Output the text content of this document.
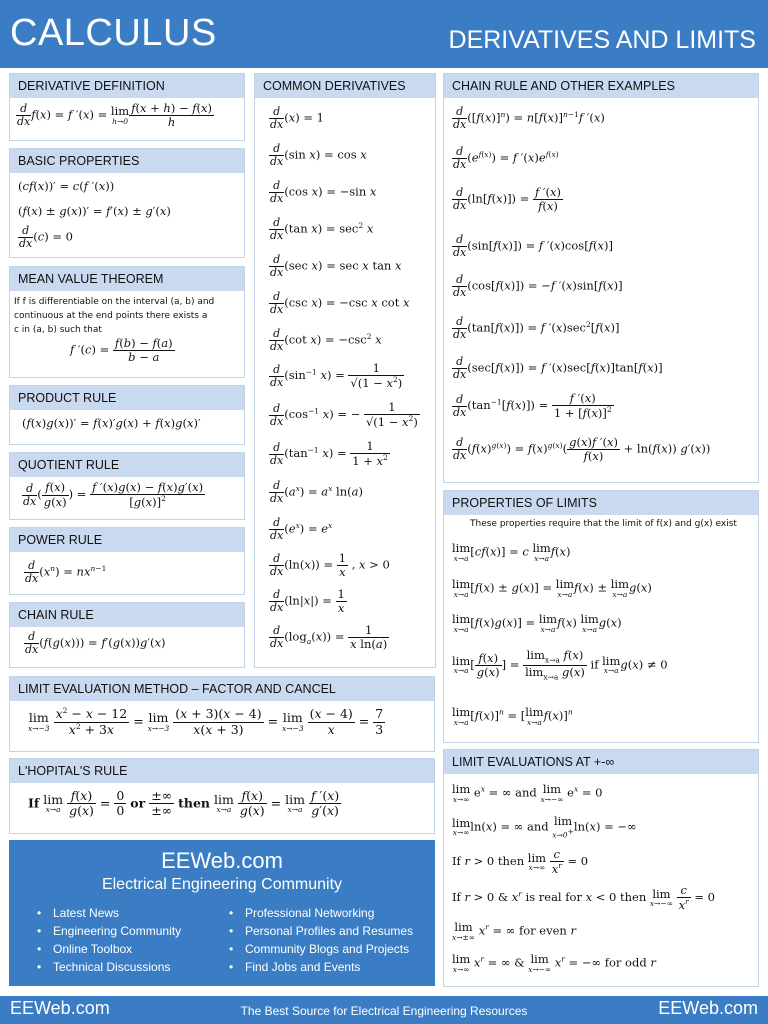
CALCULUS	DERIVATIVES AND LIMITS
DERIVATIVE DEFINITION
$\frac{d}{dx} f(x) = f$ ′(x) = lim
$h\to 0 \frac{f(x + h) - f(x)}{h}$
BASIC PROPERTIES
(cf(x))′ = c(f ′(x))
(f(x) ± g(x))′ = f′(x) ± g′(x)
$\frac{d}{dx} (c) = 0$
MEAN VALUE THEOREM
If f is differentiable on the interval (a, b) and
continuous at the end points there exists a
c in (a, b) such that
f $'(c) = \frac{f(b) - f(a)}{b - a}$
PRODUCT RULE
(f(x)g(x))′ = f(x)′g(x) + f(x)g(x)′
QUOTIENT RULE
$\frac{d}{dx}$ ( $\frac{f(x)}{g(x)}$ ) = $\frac{f '(x)g(x) - f(x)g'(x)}{[g(x)]^2}$
POWER RULE
$\frac{d}{dx} (x^n) = nx^{n-1}$
CHAIN RULE
$\frac{d}{dx} (f(g(x))) = f'(g(x))g'(x)$
COMMON DERIVATIVES
$\frac{d}{dx} (x) = 1$
$\frac{d}{dx} (\sin$ x) = cos x
$\frac{d}{dx} (\cos$ x) = −sin x
$\frac{d}{dx} (\tan$ $x) = \sec^2 x$
$\frac{d}{dx} (\sec$ x) = sec x tan x
$\frac{d}{dx} (\csc$ x) = −csc x cot x
$\frac{d}{dx} (\cot$ $x) = -\csc^2$ x
$\frac{d}{dx} (\sin^{-1}$ $x) = \frac{1}{√(1 - x^2)}$
$\frac{d}{dx} (\cos^{-1}$ x) = − $\frac{1}{√(1 - x^2)}$
$\frac{d}{dx} (\tan^{-1}$ $x) = \frac{1}{1 + x^2}$
$\frac{d}{dx} (a^x) = a^x$ ln(a)
$\frac{d}{dx} (e^x) = e^x$
$\frac{d}{dx} (\ln(x)) = \frac{1}{x}$ , x > 0
$\frac{d}{dx} (\ln|x|) = \frac{1}{x}$
$\frac{d}{dx} (\log_a(x)) = \frac{1}{\text{x ln(a)}}$
CHAIN RULE AND OTHER EXAMPLES
$\frac{d}{dx} ([f(x)]^n) = n[f(x)]^{n-1}f$ ′(x)
$\frac{d}{dx} (e^{f(x)}) = f$ $'(x)e^{f(x)}$
$\frac{d}{dx} (\ln[f(x)]) = \frac{f '(x)}{f(x)}$
$\frac{d}{dx} (\sin[f(x)]) = f$ ′(x)cos[f(x)]
$\frac{d}{dx} (\cos[f(x)]) = -f$ ′(x)sin[f(x)]
$\frac{d}{dx} (\tan[f(x)]) = f$ $'(x)\sec^2[f(x)]$
$\frac{d}{dx} (\sec[f(x)]) = f$ ′(x)sec[f(x)]tan[f(x)]
$\frac{d}{dx} (\tan^{-1}[f(x)]) = \frac{f '(x)}{1 + [f(x)]^2}$
$\frac{d}{dx} (f(x)^{g(x)}) = f(x)^{g(x)}( \frac{g(x)f '(x)}{f(x)} + \ln(f(x))$ g′(x))
PROPERTIES OF LIMITS
These properties require that the limit of f(x) and g(x) exist
lim
x→a [cf(x)] = c lim
x→a f(x)
lim
x→a [f(x) ± g(x)] = lim
x→a f(x) ± lim
x→a g(x)
lim
x→a [f(x)g(x)] = lim
x→a f(x) lim
x→a g(x)
lim
x→a [ $\frac{f(x)}{g(x)}$ ] = $\frac{\lim_{x\to a} f(x)}{\lim_{x\to a} g(x)}$ if lim
x→a g(x) ≠ 0
lim
x→a $[f(x)]^n$ = [ lim
x→a f(x)]$^n$
LIMIT EVALUATIONS AT +-∞
lim
x→∞ $e^x$ = ∞ and lim
x→−∞ $e^x = 0$
lim
x→∞ ln(x) = ∞ and lim
x→0+ ln(x) = −∞
If r > 0 then lim
x→∞
$\frac{c}{x^r} = 0$
If r > 0 & $x^r$ is real for x < 0 then lim
x→−∞
$\frac{c}{x^r} = 0$
lim
x→±∞ $x^r$ = ∞ for even r
lim
x→∞ $x^r$ = ∞ & lim
x→−∞ $x^r$ = −∞ for odd r
LIMIT EVALUATION METHOD – FACTOR AND CANCEL
lim
x→−3
$\frac{x^2 - x - 12}{x^2 + 3x} = \lim$
x→−3
$\frac{(x + 3)(x - 4)}{x(x + 3)} = \lim$
x→−3
$\frac{(x - 4)}{x} = \frac{7}{3}$
L'HOPITAL'S RULE
If lim
x→a
$\frac{f(x)}{g(x)} = \frac{0}{0}$ or $\frac{\pm\infty}{\pm\infty}$ then lim
x→a
$\frac{f(x)}{g(x)} = \lim$
x→a
$\frac{f '(x)}{g'(x)}$
EEWeb.com
Electrical Engineering Community
• Latest News
• Engineering Community
• Online Toolbox
• Technical Discussions
• Professional Networking
• Personal Profiles and Resumes
• Community Blogs and Projects
• Find Jobs and Events
EEWeb.com	The Best Source for Electrical Engineering Resources	EEWeb.com
